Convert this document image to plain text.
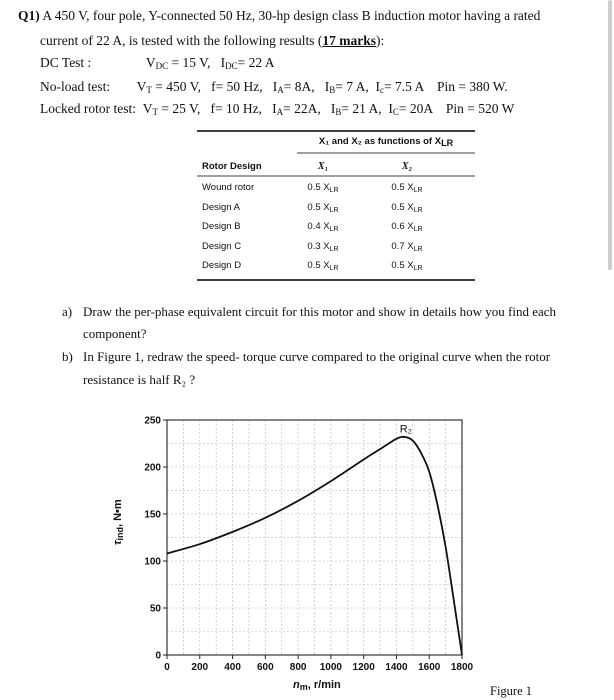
Q1) A 450 V, four pole, Y-connected 50 Hz, 30-hp design class B induction motor having a rated
current of 22 A, is tested with the following results (17 marks):
DC Test :	$V_{DC} = 15$ V, $I_{DC}= 22$ A
No-load test: $V_T = 450$ V, f= 50 Hz, $I_A= 8A$, $I_B= 7$ A, $I_c= 7.5$ A Pin = 380 W.
Locked rotor test: $V_T = 25$ V, f= 10 Hz, $I_A= 22A$, $I_B= 21$ A, $I_C= 20A$ Pin = 520 W
X₁ and X₂ as functions of $X_{LR}$
Rotor Design	X₁	X₂
Wound rotor	0.5 $X_{LR}$	0.5 $X_{LR}$
Design A	0.5 $X_{LR}$	0.5 $X_{LR}$
Design B	0.4 $X_{LR}$	0.6 $X_{LR}$
Design C	0.3 $X_{LR}$	0.7 $X_{LR}$
Design D	0.5 $X_{LR}$	0.5 $X_{LR}$
a) Draw the per-phase equivalent circuit for this motor and show in details how you find each
component?
b) In Figure 1, redraw the speed- torque curve compared to the original curve when the rotor
resistance is half R₂ ?
0 200 400 600 800 1000 1200 1400 1600 1800
0
50
100
150
200
250
R₂
$\tau_{ind}$, N•m
$n_m$, r/min	Figure 1
